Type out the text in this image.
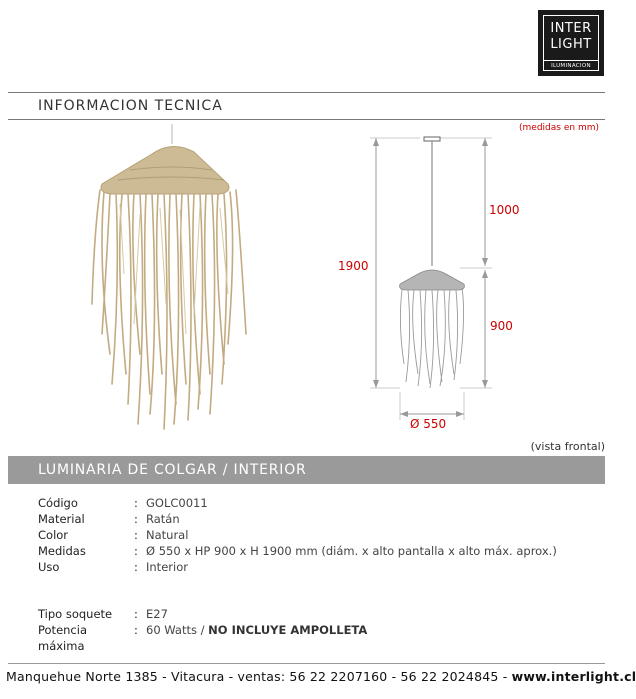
INTER
LIGHT
ILUMINACION
INFORMACION TECNICA
(medidas en mm)
1000
1900
900
Ø 550
(vista frontal)
LUMINARIA DE COLGAR / INTERIOR
Código	: GOLC0011
Material	: Ratán
Color	: Natural
Medidas	: Ø 550 x HP 900 x H 1900 mm (diám. x alto pantalla x alto máx. aprox.)
Uso	: Interior
Tipo soquete	: E27
Potencia máxima
: 60 Watts / NO INCLUYE AMPOLLETA
Manquehue Norte 1385 - Vitacura - ventas: 56 22 2207160 - 56 22 2024845 - www.interlight.cl
